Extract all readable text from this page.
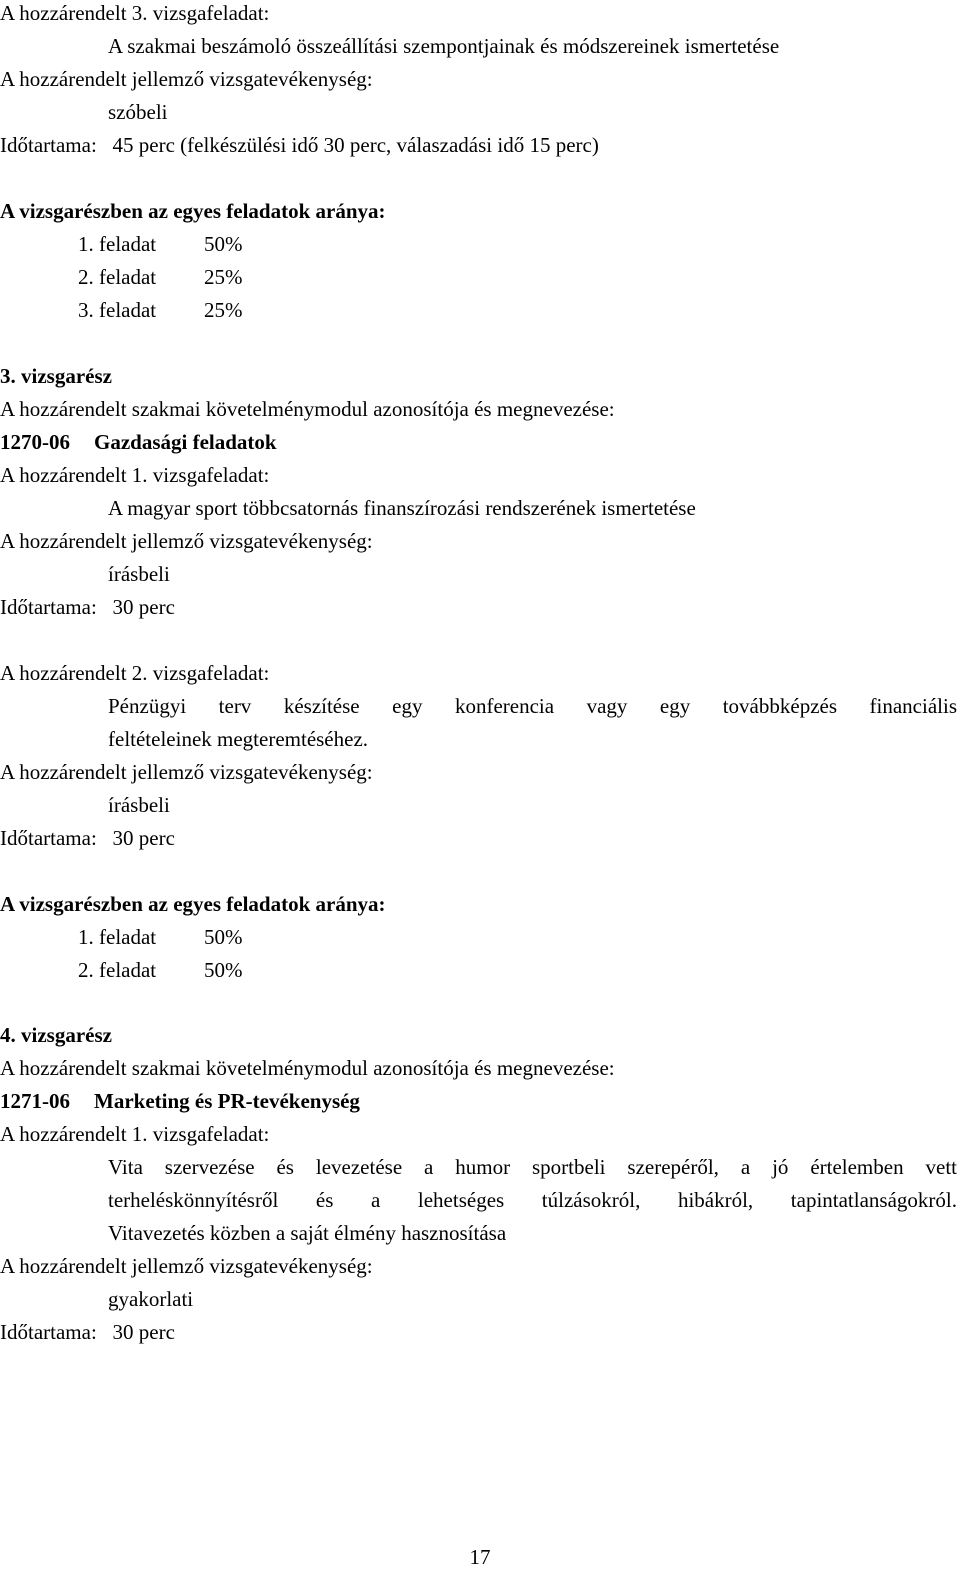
A hozzárendelt 3. vizsgafeladat:
A szakmai beszámoló összeállítási szempontjainak és módszereinek ismertetése
A hozzárendelt jellemző vizsgatevékenység:
szóbeli
Időtartama: 45 perc (felkészülési idő 30 perc, válaszadási idő 15 perc)
A vizsgarészben az egyes feladatok aránya:
1. feladat 50%
2. feladat 25%
3. feladat 25%
3. vizsgarész
A hozzárendelt szakmai követelménymodul azonosítója és megnevezése:
1270-06 Gazdasági feladatok
A hozzárendelt 1. vizsgafeladat:
A magyar sport többcsatornás finanszírozási rendszerének ismertetése
A hozzárendelt jellemző vizsgatevékenység:
írásbeli
Időtartama: 30 perc
A hozzárendelt 2. vizsgafeladat:
Pénzügyi terv készítése egy konferencia vagy egy továbbképzés financiális
feltételeinek megteremtéséhez.
A hozzárendelt jellemző vizsgatevékenység:
írásbeli
Időtartama: 30 perc
A vizsgarészben az egyes feladatok aránya:
1. feladat 50%
2. feladat 50%
4. vizsgarész
A hozzárendelt szakmai követelménymodul azonosítója és megnevezése:
1271-06 Marketing és PR-tevékenység
A hozzárendelt 1. vizsgafeladat:
Vita szervezése és levezetése a humor sportbeli szerepéről, a jó értelemben vett
terheléskönnyítésről és a lehetséges túlzásokról, hibákról, tapintatlanságokról.
Vitavezetés közben a saját élmény hasznosítása
A hozzárendelt jellemző vizsgatevékenység:
gyakorlati
Időtartama: 30 perc
17
